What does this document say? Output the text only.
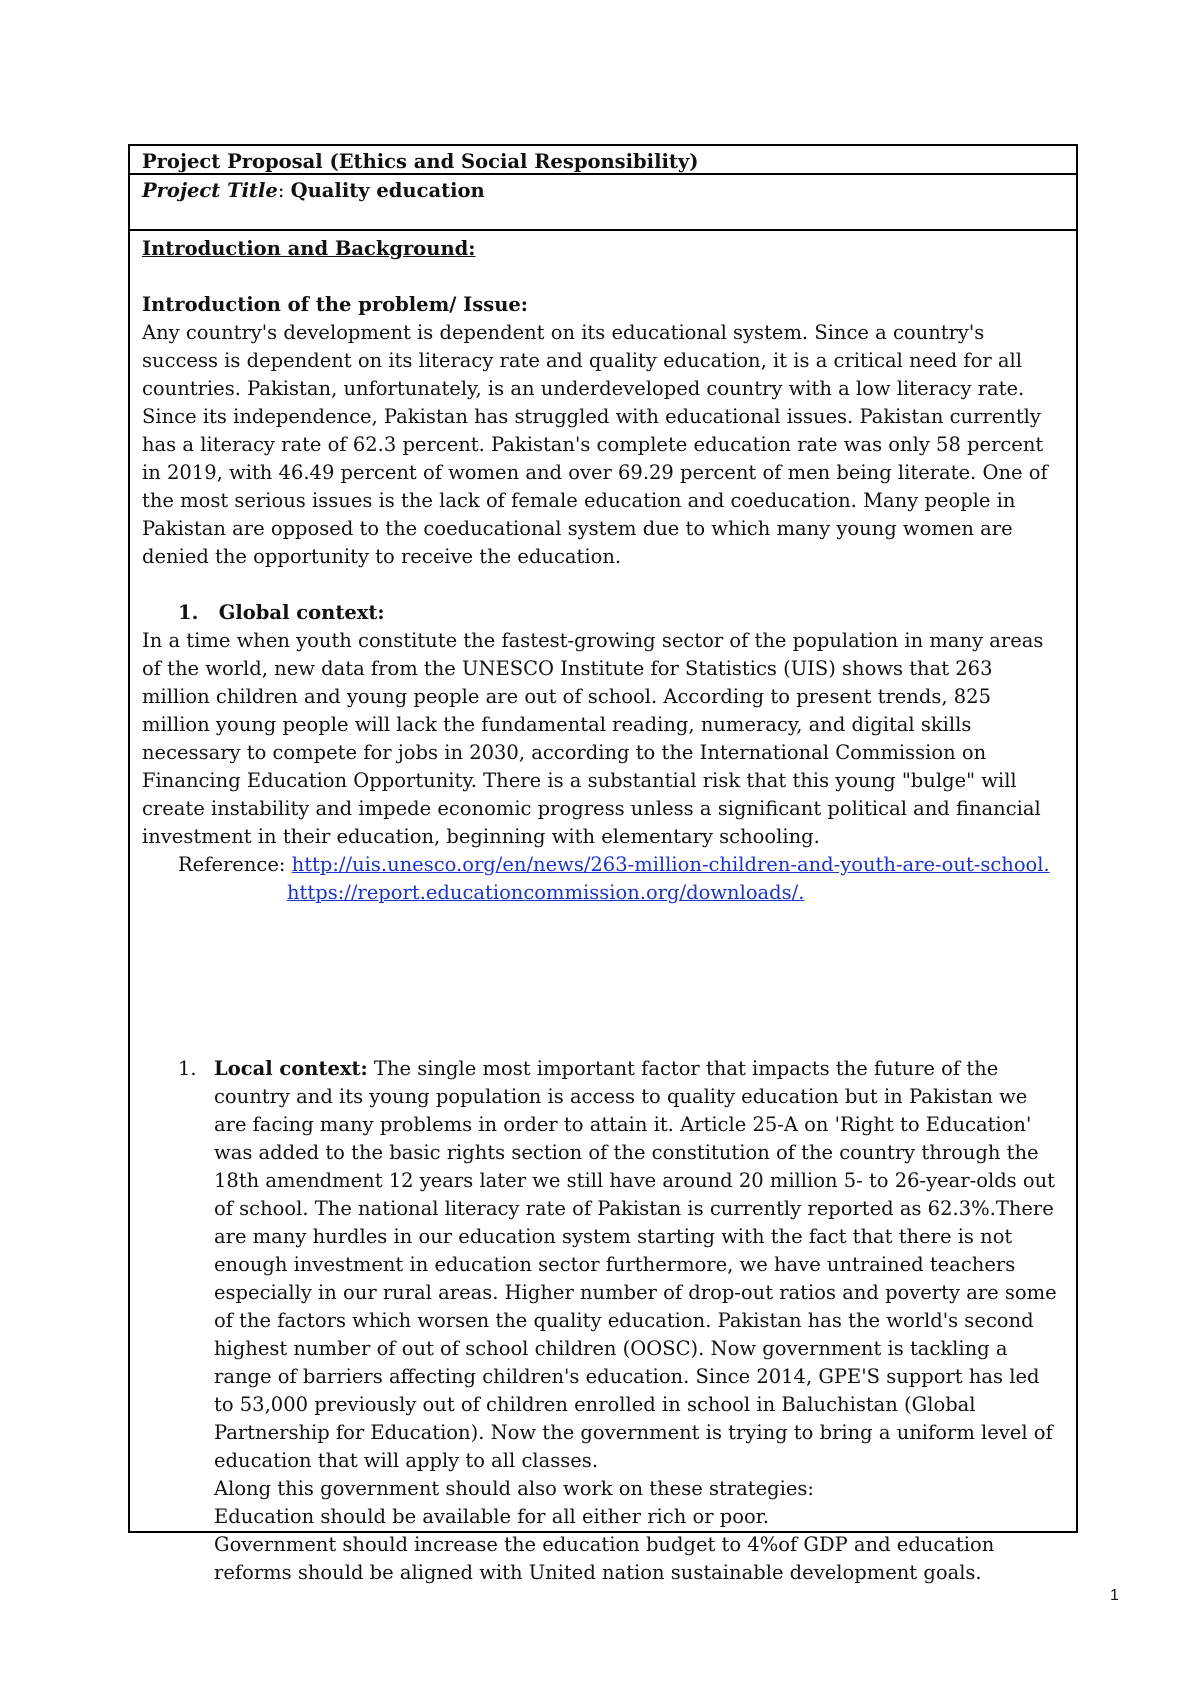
Project Proposal (Ethics and Social Responsibility)
Project Title: Quality education
Introduction and Background:
Introduction of the problem/ Issue:

Any country's development is dependent on its educational system. Since a country's success is dependent on its literacy rate and quality education, it is a critical need for all countries. Pakistan, unfortunately, is an underdeveloped country with a low literacy rate. Since its independence, Pakistan has struggled with educational issues. Pakistan currently has a literacy rate of 62.3 percent. Pakistan's complete education rate was only 58 percent in 2019, with 46.49 percent of women and over 69.29 percent of men being literate. One of the most serious issues is the lack of female education and coeducation. Many people in Pakistan are opposed to the coeducational system due to which many young women are denied the opportunity to receive the education.

1. Global context:

In a time when youth constitute the fastest-growing sector of the population in many areas of the world, new data from the UNESCO Institute for Statistics (UIS) shows that 263 million children and young people are out of school. According to present trends, 825 million young people will lack the fundamental reading, numeracy, and digital skills necessary to compete for jobs in 2030, according to the International Commission on Financing Education Opportunity. There is a substantial risk that this young "bulge" will create instability and impede economic progress unless a significant political and financial investment in their education, beginning with elementary schooling.

Reference: http://uis.unesco.org/en/news/263-million-children-and-youth-are-out-school.
https://report.educationcommission.org/downloads/.
1. Local context: The single most important factor that impacts the future of the country and its young population is access to quality education but in Pakistan we are facing many problems in order to attain it. Article 25-A on 'Right to Education' was added to the basic rights section of the constitution of the country through the 18th amendment 12 years later we still have around 20 million 5- to 26-year-olds out of school. The national literacy rate of Pakistan is currently reported as 62.3%.There are many hurdles in our education system starting with the fact that there is not enough investment in education sector furthermore, we have untrained teachers especially in our rural areas. Higher number of drop-out ratios and poverty are some of the factors which worsen the quality education. Pakistan has the world's second highest number of out of school children (OOSC). Now government is tackling a range of barriers affecting children's education. Since 2014, GPE'S support has led to 53,000 previously out of children enrolled in school in Baluchistan (Global Partnership for Education). Now the government is trying to bring a uniform level of education that will apply to all classes.

Along this government should also work on these strategies:

Education should be available for all either rich or poor.

Government should increase the education budget to 4%of GDP and education reforms should be aligned with United nation sustainable development goals.

1
